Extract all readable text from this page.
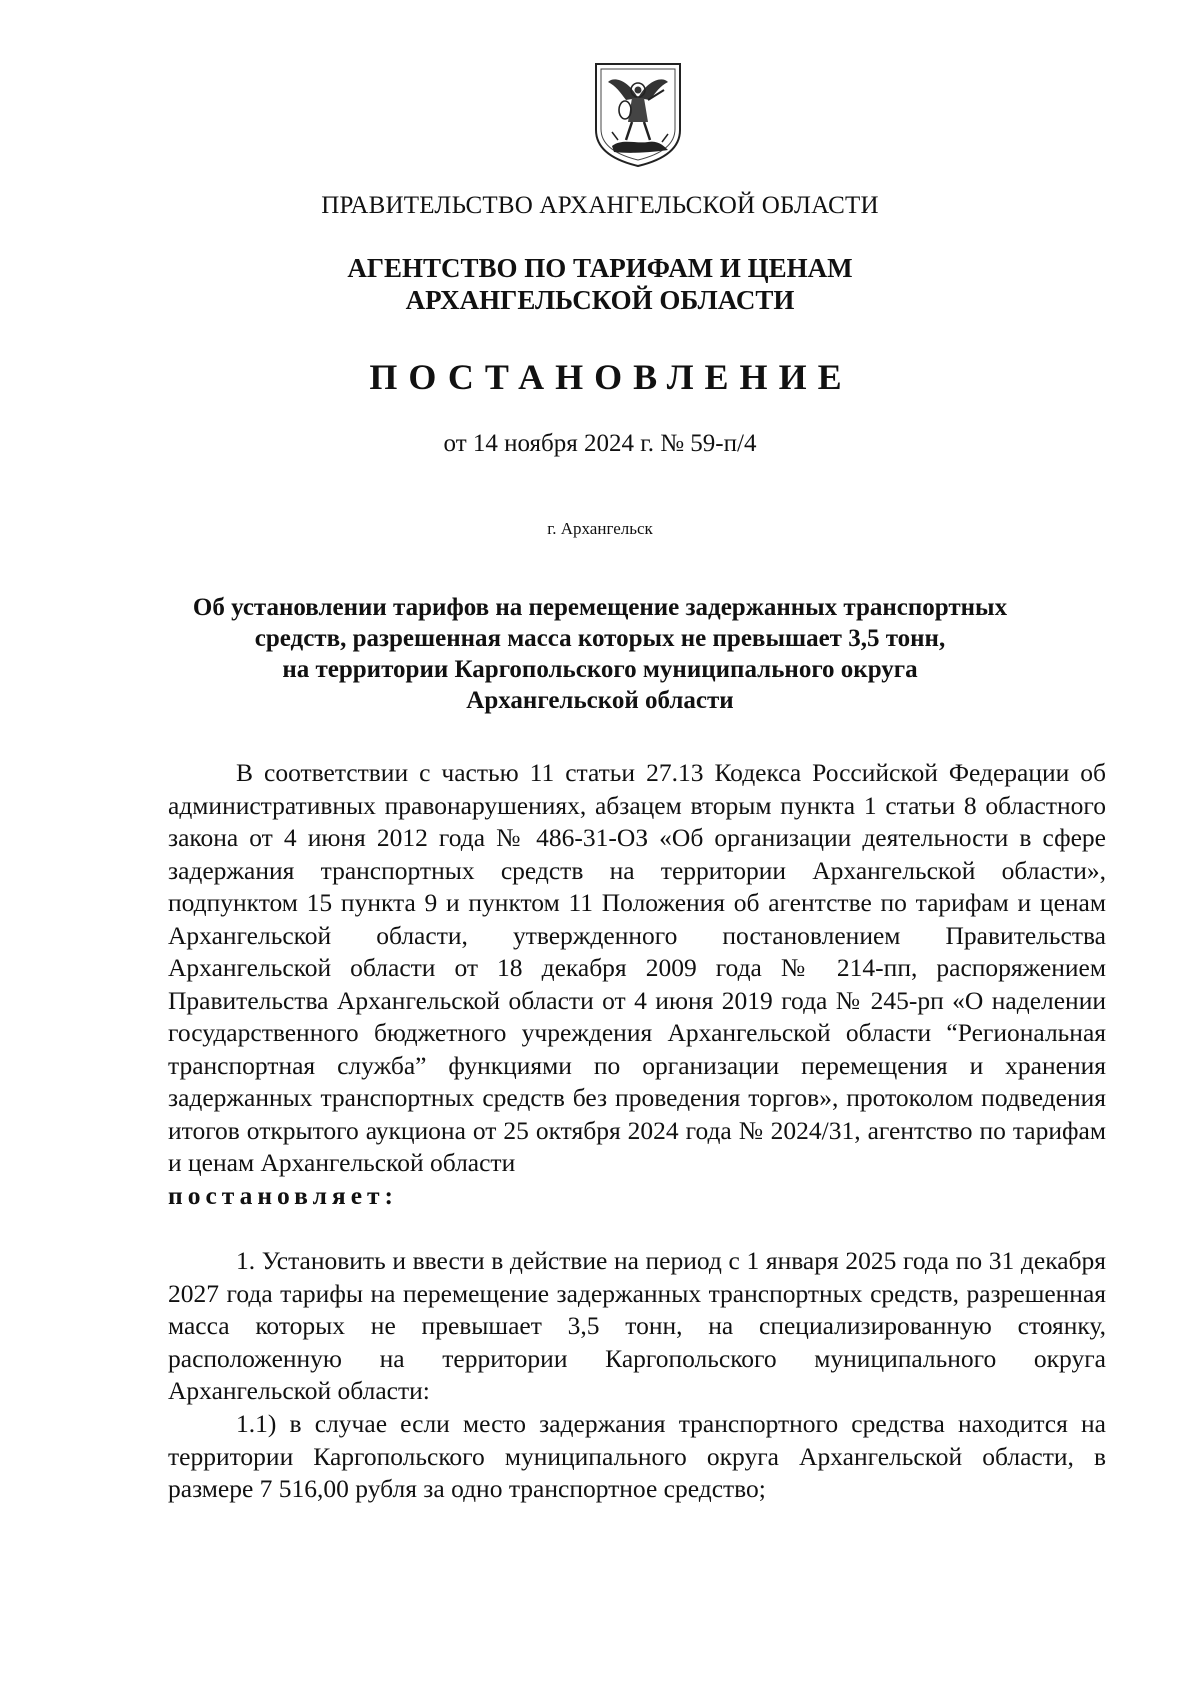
ПРАВИТЕЛЬСТВО АРХАНГЕЛЬСКОЙ ОБЛАСТИ
АГЕНТСТВО ПО ТАРИФАМ И ЦЕНАМ
АРХАНГЕЛЬСКОЙ ОБЛАСТИ
ПОСТАНОВЛЕНИЕ
от 14 ноября 2024 г. № 59-п/4
г. Архангельск
Об установлении тарифов на перемещение задержанных транспортных
средств, разрешенная масса которых не превышает 3,5 тонн,
на территории Каргопольского муниципального округа
Архангельской области
В соответствии с частью 11 статьи 27.13 Кодекса Российской Федерации об административных правонарушениях, абзацем вторым пункта 1 статьи 8 областного закона от 4 июня 2012 года № 486-31-ОЗ «Об организации деятельности в сфере задержания транспортных средств на территории Архангельской области», подпунктом 15 пункта 9 и пунктом 11 Положения об агентстве по тарифам и ценам Архангельской области, утвержденного постановлением Правительства Архангельской области от 18 декабря 2009 года № 214-пп, распоряжением Правительства Архангельской области от 4 июня 2019 года № 245-рп «О наделении государственного бюджетного учреждения Архангельской области “Региональная транспортная служба” функциями по организации перемещения и хранения задержанных транспортных средств без проведения торгов», протоколом подведения итогов открытого аукциона от 25 октября 2024 года № 2024/31, агентство по тарифам и ценам Архангельской области
постановляет:
1. Установить и ввести в действие на период с 1 января 2025 года по 31 декабря 2027 года тарифы на перемещение задержанных транспортных средств, разрешенная масса которых не превышает 3,5 тонн, на специализированную стоянку, расположенную на территории Каргопольского муниципального округа Архангельской области:
1.1) в случае если место задержания транспортного средства находится на территории Каргопольского муниципального округа Архангельской области, в размере 7 516,00 рубля за одно транспортное средство;
